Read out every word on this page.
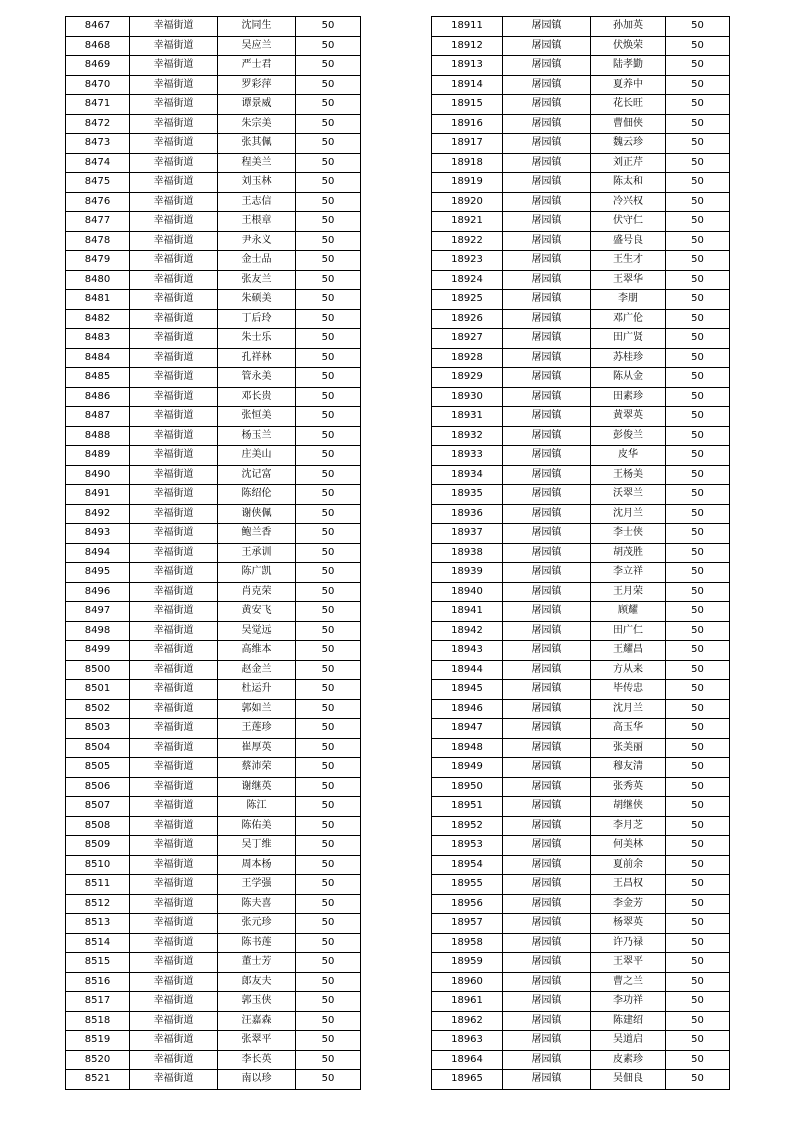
8467	幸福街道	沈同生	50
8468	幸福街道	吴应兰	50
8469	幸福街道	严士君	50
8470	幸福街道	罗彩萍	50
8471	幸福街道	谭景威	50
8472	幸福街道	朱宗美	50
8473	幸福街道	张其佩	50
8474	幸福街道	程美兰	50
8475	幸福街道	刘玉林	50
8476	幸福街道	王志信	50
8477	幸福街道	王根章	50
8478	幸福街道	尹永义	50
8479	幸福街道	金士品	50
8480	幸福街道	张友兰	50
8481	幸福街道	朱硕美	50
8482	幸福街道	丁后玲	50
8483	幸福街道	朱士乐	50
8484	幸福街道	孔祥林	50
8485	幸福街道	管永美	50
8486	幸福街道	邓长贵	50
8487	幸福街道	张恒美	50
8488	幸福街道	杨玉兰	50
8489	幸福街道	庄美山	50
8490	幸福街道	沈记富	50
8491	幸福街道	陈绍伦	50
8492	幸福街道	谢侠佩	50
8493	幸福街道	鲍兰香	50
8494	幸福街道	王承训	50
8495	幸福街道	陈广凯	50
8496	幸福街道	肖克荣	50
8497	幸福街道	黄安飞	50
8498	幸福街道	吴觉远	50
8499	幸福街道	高维本	50
8500	幸福街道	赵金兰	50
8501	幸福街道	杜运升	50
8502	幸福街道	郭如兰	50
8503	幸福街道	王莲珍	50
8504	幸福街道	崔厚英	50
8505	幸福街道	蔡沛荣	50
8506	幸福街道	谢继英	50
8507	幸福街道	陈江	50
8508	幸福街道	陈佑美	50
8509	幸福街道	吴丁维	50
8510	幸福街道	周本杨	50
8511	幸福街道	王学强	50
8512	幸福街道	陈夫喜	50
8513	幸福街道	张元珍	50
8514	幸福街道	陈书莲	50
8515	幸福街道	董士芳	50
8516	幸福街道	郎友夫	50
8517	幸福街道	郭玉侠	50
8518	幸福街道	汪嘉森	50
8519	幸福街道	张翠平	50
8520	幸福街道	李长英	50
8521	幸福街道	南以珍	50
18911	屠园镇	孙加英	50
18912	屠园镇	伏焕荣	50
18913	屠园镇	陆孝勤	50
18914	屠园镇	夏养中	50
18915	屠园镇	花长旺	50
18916	屠园镇	曹佃侠	50
18917	屠园镇	魏云珍	50
18918	屠园镇	刘正芹	50
18919	屠园镇	陈太和	50
18920	屠园镇	冷兴权	50
18921	屠园镇	伏守仁	50
18922	屠园镇	盛号良	50
18923	屠园镇	王生才	50
18924	屠园镇	王翠华	50
18925	屠园镇	李朋	50
18926	屠园镇	邓广伦	50
18927	屠园镇	田广贤	50
18928	屠园镇	苏桂珍	50
18929	屠园镇	陈从金	50
18930	屠园镇	田素珍	50
18931	屠园镇	黄翠英	50
18932	屠园镇	彭俊兰	50
18933	屠园镇	皮华	50
18934	屠园镇	王杨美	50
18935	屠园镇	沃翠兰	50
18936	屠园镇	沈月兰	50
18937	屠园镇	李士侠	50
18938	屠园镇	胡茂胜	50
18939	屠园镇	李立祥	50
18940	屠园镇	王月荣	50
18941	屠园镇	顾耀	50
18942	屠园镇	田广仁	50
18943	屠园镇	王耀昌	50
18944	屠园镇	方从来	50
18945	屠园镇	毕传忠	50
18946	屠园镇	沈月兰	50
18947	屠园镇	高玉华	50
18948	屠园镇	张美丽	50
18949	屠园镇	穆友清	50
18950	屠园镇	张秀英	50
18951	屠园镇	胡继侠	50
18952	屠园镇	李月芝	50
18953	屠园镇	何美林	50
18954	屠园镇	夏前余	50
18955	屠园镇	王昌权	50
18956	屠园镇	李金芳	50
18957	屠园镇	杨翠英	50
18958	屠园镇	许乃禄	50
18959	屠园镇	王翠平	50
18960	屠园镇	曹之兰	50
18961	屠园镇	李功祥	50
18962	屠园镇	陈建绍	50
18963	屠园镇	吴道启	50
18964	屠园镇	皮素珍	50
18965	屠园镇	吴佃良	50
